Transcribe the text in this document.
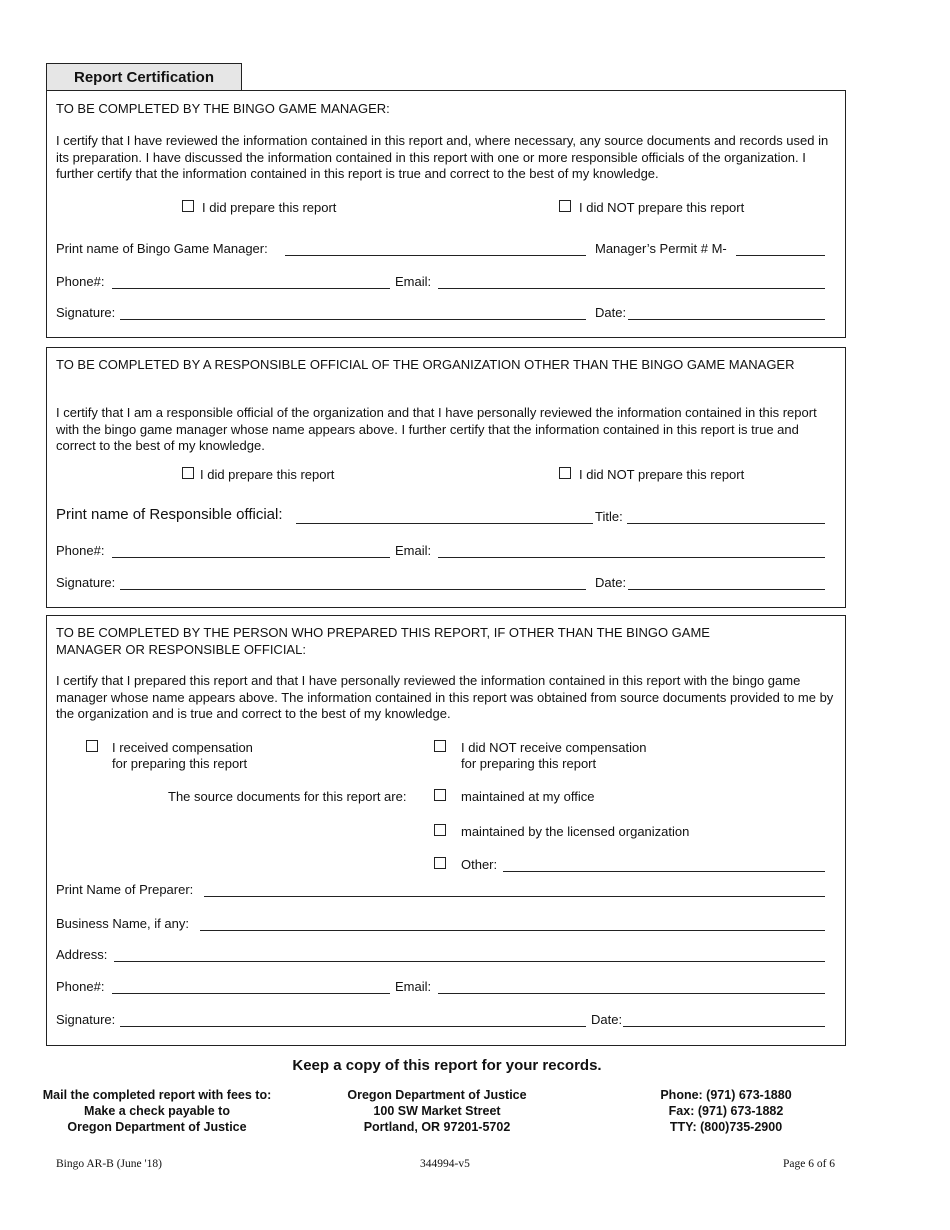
Report Certification
TO BE COMPLETED BY THE BINGO GAME MANAGER:
I certify that I have reviewed the information contained in this report and, where necessary, any source documents and records used in its preparation. I have discussed the information contained in this report with one or more responsible officials of the organization. I further certify that the information contained in this report is true and correct to the best of my knowledge.
I did prepare this report	I did NOT prepare this report
Print name of Bingo Game Manager:	Manager’s Permit # M-
Phone#:	Email:
Signature:	Date:
TO BE COMPLETED BY A RESPONSIBLE OFFICIAL OF THE ORGANIZATION OTHER THAN THE BINGO GAME MANAGER
I certify that I am a responsible official of the organization and that I have personally reviewed the information contained in this report with the bingo game manager whose name appears above. I further certify that the information contained in this report is true and correct to the best of my knowledge.
I did prepare this report	I did NOT prepare this report
Print name of Responsible official:	Title:
Phone#:	Email:
Signature:	Date:
TO BE COMPLETED BY THE PERSON WHO PREPARED THIS REPORT, IF OTHER THAN THE BINGO GAME MANAGER OR RESPONSIBLE OFFICIAL:
I certify that I prepared this report and that I have personally reviewed the information contained in this report with the bingo game manager whose name appears above. The information contained in this report was obtained from source documents provided to me by the organization and is true and correct to the best of my knowledge.
I received compensation
for preparing this report
I did NOT receive compensation
for preparing this report
The source documents for this report are:	maintained at my office
maintained by the licensed organization
Other:
Print Name of Preparer:
Business Name, if any:
Address:
Phone#:	Email:
Signature:	Date:
Keep a copy of this report for your records.
Mail the completed report with fees to:
Make a check payable to
Oregon Department of Justice
Oregon Department of Justice
100 SW Market Street
Portland, OR 97201-5702
Phone: (971) 673-1880
Fax: (971) 673-1882
TTY: (800)735-2900
Bingo AR-B (June '18)	344994-v5	Page 6 of 6
